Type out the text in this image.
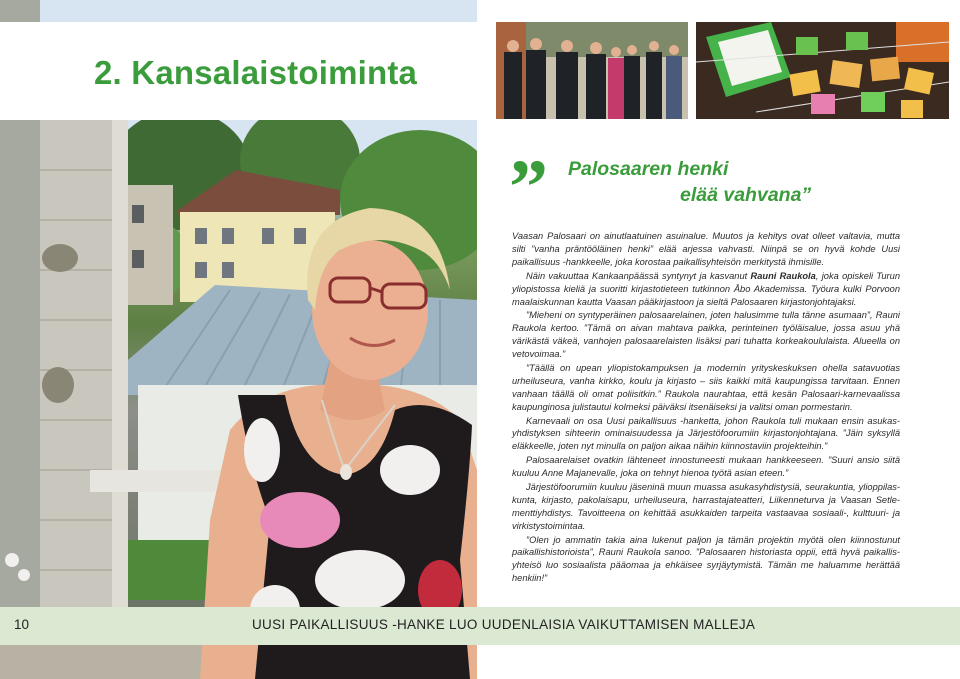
2. Kansalaistoiminta
” Palosaaren henki
elää vahvana”

Vaasan Palosaari on ainutlaatuinen asuinalue. Muutos ja kehitys ovat olleet valtavia, mutta silti ”vanha präntööläinen henki” elää arjessa vahvasti. Niinpä se on hyvä kohde Uusi paikallisuus -hankkeelle, joka korostaa paikallisyhteisön merkitystä ihmisille.

Näin vakuuttaa Kankaanpäässä syntynyt ja kasvanut Rauni Raukola, joka opiskeli Turun yliopistossa kieliä ja suoritti kirjastotieteen tutkinnon Åbo Akademissa. Työura kulki Porvoon maalaiskunnan kautta Vaasan pääkirjastoon ja sieltä Palosaaren kirjastonjohtajaksi.

”Mieheni on syntyperäinen palosaarelainen, joten halusimme tulla tänne asumaan”, Rauni Raukola kertoo. ”Tämä on aivan mahtava paikka, perinteinen työläisalue, jossa asuu yhä värikästä väkeä, vanhojen palosaarelaisten lisäksi pari tuhatta korkeakoululaista. Alueella on vetovoimaa.”

”Täällä on upean yliopistokampuksen ja modernin yrityskeskuksen ohella satavuotias urheiluseura, vanha kirkko, koulu ja kirjasto – siis kaikki mitä kaupungissa tarvitaan. Ennen vanhaan täällä oli omat poliisitkin.” Raukola naurahtaa, että kesän Palosaari-karnevaalissa kaupunginosa julistautui kolmeksi päiväksi itsenäiseksi ja valitsi oman pormestarin.

Karnevaali on osa Uusi paikallisuus -hanketta, johon Raukola tuli mukaan ensin asukas-yhdistyksen sihteerin ominaisuudessa ja Järjestöfoorumiin kirjastonjohtajana. ”Jäin syksyllä eläkkeelle, joten nyt minulla on paljon aikaa näihin kiinnostaviin projekteihin.”

Palosaarelaiset ovatkin lähteneet innostuneesti mukaan hankkeeseen. ”Suuri ansio siitä kuuluu Anne Majanevalle, joka on tehnyt hienoa työtä asian eteen.”

Järjestöfoorumiin kuuluu jäseninä muun muassa asukasyhdistysiä, seurakuntia, ylioppilas-kunta, kirjasto, pakolaisapu, urheiluseura, harrastajateatteri, Liikenneturva ja Vaasan Setle-menttiyhdistys. Tavoitteena on kehittää asukkaiden tarpeita vastaavaa sosiaali-, kulttuuri- ja virkistystoimintaa.

”Olen jo ammatin takia aina lukenut paljon ja tämän projektin myötä olen kiinnostunut paikallishistorioista”, Rauni Raukola sanoo. ”Palosaaren historiasta oppii, että hyvä paikallis-yhteisö luo sosiaalista pääomaa ja ehkäisee syrjäytymistä. Tämän me haluamme herättää henkiin!”

10	UUSI PAIKALLISUUS -HANKE LUO UUDENLAISIA VAIKUTTAMISEN MALLEJA
